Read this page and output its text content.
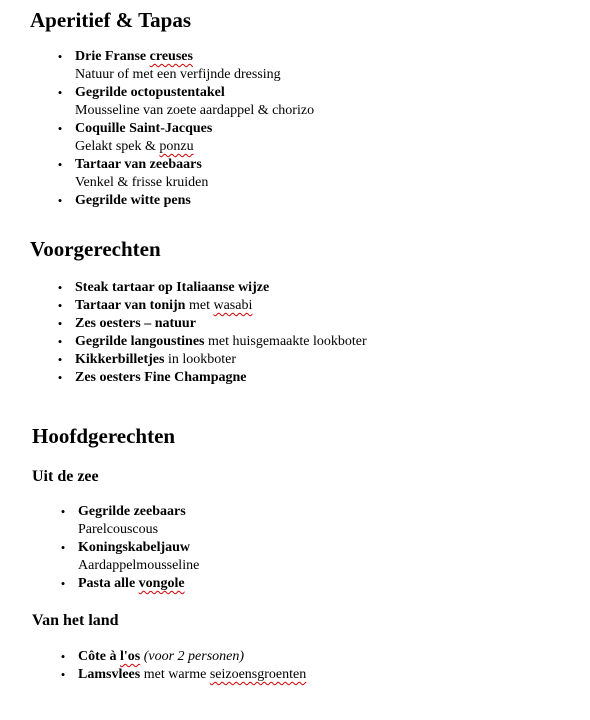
Aperitief & Tapas
• Drie Franse creuses
Natuur of met een verfijnde dressing
• Gegrilde octopustentakel
Mousseline van zoete aardappel & chorizo
• Coquille Saint-Jacques
Gelakt spek & ponzu
• Tartaar van zeebaars
Venkel & frisse kruiden
• Gegrilde witte pens
Voorgerechten
• Steak tartaar op Italiaanse wijze
• Tartaar van tonijn met wasabi
• Zes oesters – natuur
• Gegrilde langoustines met huisgemaakte lookboter
• Kikkerbilletjes in lookboter
• Zes oesters Fine Champagne
Hoofdgerechten
Uit de zee
• Gegrilde zeebaars
Parelcouscous
• Koningskabeljauw
Aardappelmousseline
• Pasta alle vongole
Van het land
• Côte à l'os (voor 2 personen)
• Lamsvlees met warme seizoensgroenten
